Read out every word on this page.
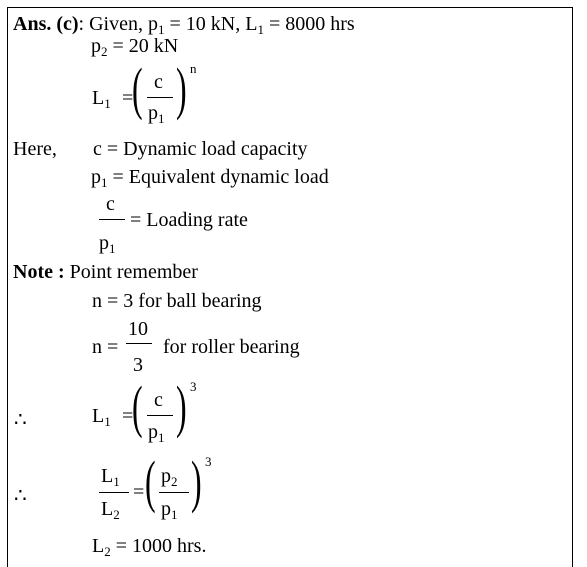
Ans. (c): Given, $p_1 = 10$ kN, $L_1 = 8000$ hrs
$p_2 = 20$ kN
$L_1$ =
( c
$p_1$ ) n
Here, c = Dynamic load capacity
$p_1$ = Equivalent dynamic load
c
$p_1$
= Loading rate
Note : Point remember
n = 3 for ball bearing
n =
10
3
for roller bearing
∴	$L_1$ =
( c
$p_1$ ) 3
∴
$L_1$
$L_2$
= ( $p_2$
$p_1$
) 3
$L_2 = 1000$ hrs.
